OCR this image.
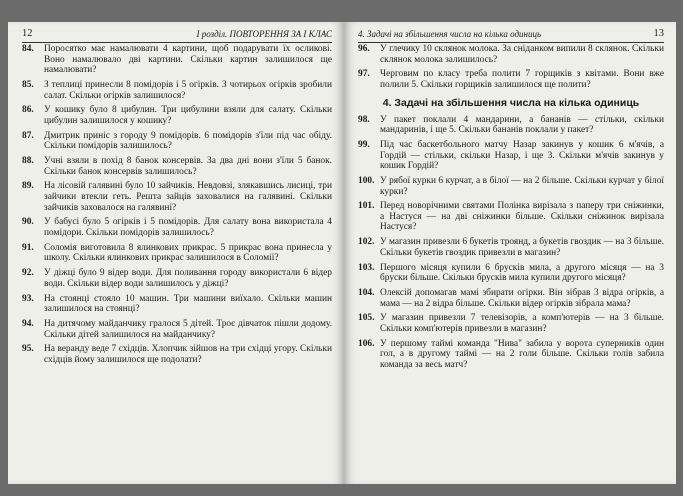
12	І розділ. ПОВТОРЕННЯ ЗА І КЛАС
84. Поросятко має намалювати 4 картини, щоб подарувати їх осликові. Воно намалювало дві картини. Скільки картин залишилося ще намалювати?
85. З теплиці принесли 8 помідорів і 5 огірків. З чотирьох огірків зробили салат. Скільки огірків залишилося?
86. У кошику було 8 цибулин. Три цибулини взяли для салату. Скільки цибулин залишилося у кошику?
87. Дмитрик приніс з городу 9 помідорів. 6 помідорів з'їли під час обіду. Скільки помідорів залишилось?
88. Учні взяли в похід 8 банок консервів. За два дні вони з'їли 5 банок. Скільки банок консервів залишилось?
89. На лісовій галявині було 10 зайчиків. Невдовзі, злякавшись лисиці, три зайчики втекли геть. Решта зайців заховалися на галявині. Скільки зайчиків заховалося на галявині?
90. У бабусі було 5 огірків і 5 помідорів. Для салату вона використала 4 помідори. Скільки помідорів залишилось?
91. Соломія виготовила 8 ялинкових прикрас. 5 прикрас вона принесла у школу. Скільки ялинкових прикрас залишилося в Соломії?
92. У діжці було 9 відер води. Для поливання городу використали 6 відер води. Скільки відер води залишилось у діжці?
93. На стоянці стояло 10 машин. Три машини виїхало. Скільки машин залишилося на стоянці?
94. На дитячому майданчику гралося 5 дітей. Троє дівчаток пішли додому. Скільки дітей залишилося на майданчику?
95. На веранду веде 7 східців. Хлопчик зійшов на три східці угору. Скільки східців йому залишилося ще подолати?
4. Задачі на збільшення числа на кілька одиниць	13
96. У глечику 10 склянок молока. За сніданком випили 8 склянок. Скільки склянок молока залишилось?
97. Черговим по класу треба полити 7 горщиків з квітами. Вони вже полили 5. Скільки горщиків залишилося ще полити?
4. Задачі на збільшення числа на кілька одиниць
98. У пакет поклали 4 мандарини, а бананів — стільки, скільки мандаринів, і ще 5. Скільки бананів поклали у пакет?
99. Під час баскетбольного матчу Назар закинув у кошик 6 м'ячів, а Гордій — стільки, скільки Назар, і ще 3. Скільки м'ячів закинув у кошик Гордій?
100. У рябої курки 6 курчат, а в білої — на 2 більше. Скільки курчат у білої курки?
101. Перед новорічними святами Полінка вирізала з паперу три сніжинки, а Настуся — на дві сніжинки більше. Скільки сніжинок вирізала Настуся?
102. У магазин привезли 6 букетів троянд, а букетів гвоздик — на 3 більше. Скільки букетів гвоздик привезли в магазин?
103. Першого місяця купили 6 брусків мила, а другого місяця — на 3 бруски більше. Скільки брусків мила купили другого місяця?
104. Олексій допомагав мамі збирати огірки. Він зібрав 3 відра огірків, а мама — на 2 відра більше. Скільки відер огірків зібрала мама?
105. У магазин привезли 7 телевізорів, а комп'ютерів — на 3 більше. Скільки комп'ютерів привезли в магазин?
106. У першому таймі команда "Нива" забила у ворота суперників один гол, а в другому таймі — на 2 голи більше. Скільки голів забила команда за весь матч?
